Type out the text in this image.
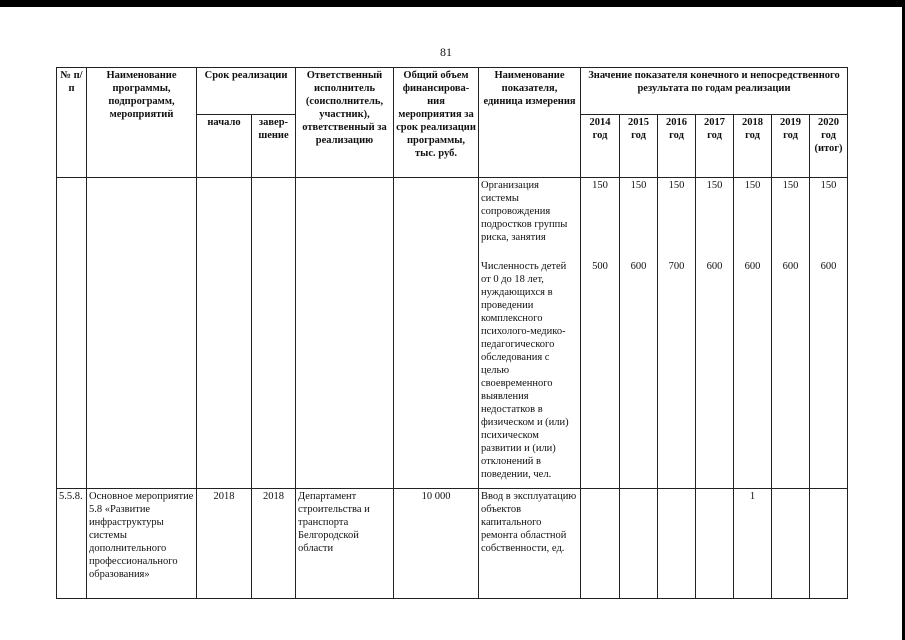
81
№ п/п	Наименование программы, подпрограмм, мероприятий	Срок реализации		Ответственный исполнитель (соисполнитель, участник), ответственный за реализацию	Общий объем финансирова-ния мероприятия за срок реализации программы, тыс. руб.	Наименование показателя, единица измерения	Значение показателя конечного и непосредственного результата по годам реализации						
		начало	завер-шение				2014 год	2015 год	2016 год	2017 год	2018 год	2019 год	2020 год (итог)
						Организация системы сопровождения подростков группы риска, занятия	150	150	150	150	150	150	150
						Численность детей от 0 до 18 лет, нуждающихся в проведении комплексного психолого-медико-педагогического обследования с целью своевременного выявления недостатков в физическом и (или) психическом развитии и (или) отклонений в поведении, чел.	500	600	700	600	600	600	600
5.5.8.	Основное мероприятие 5.8 «Развитие инфраструктуры системы дополнительного профессионального образования»	2018	2018	Департамент строительства и транспорта Белгородской области	10 000	Ввод в эксплуатацию объектов капитального ремонта областной собственности, ед.					1		
